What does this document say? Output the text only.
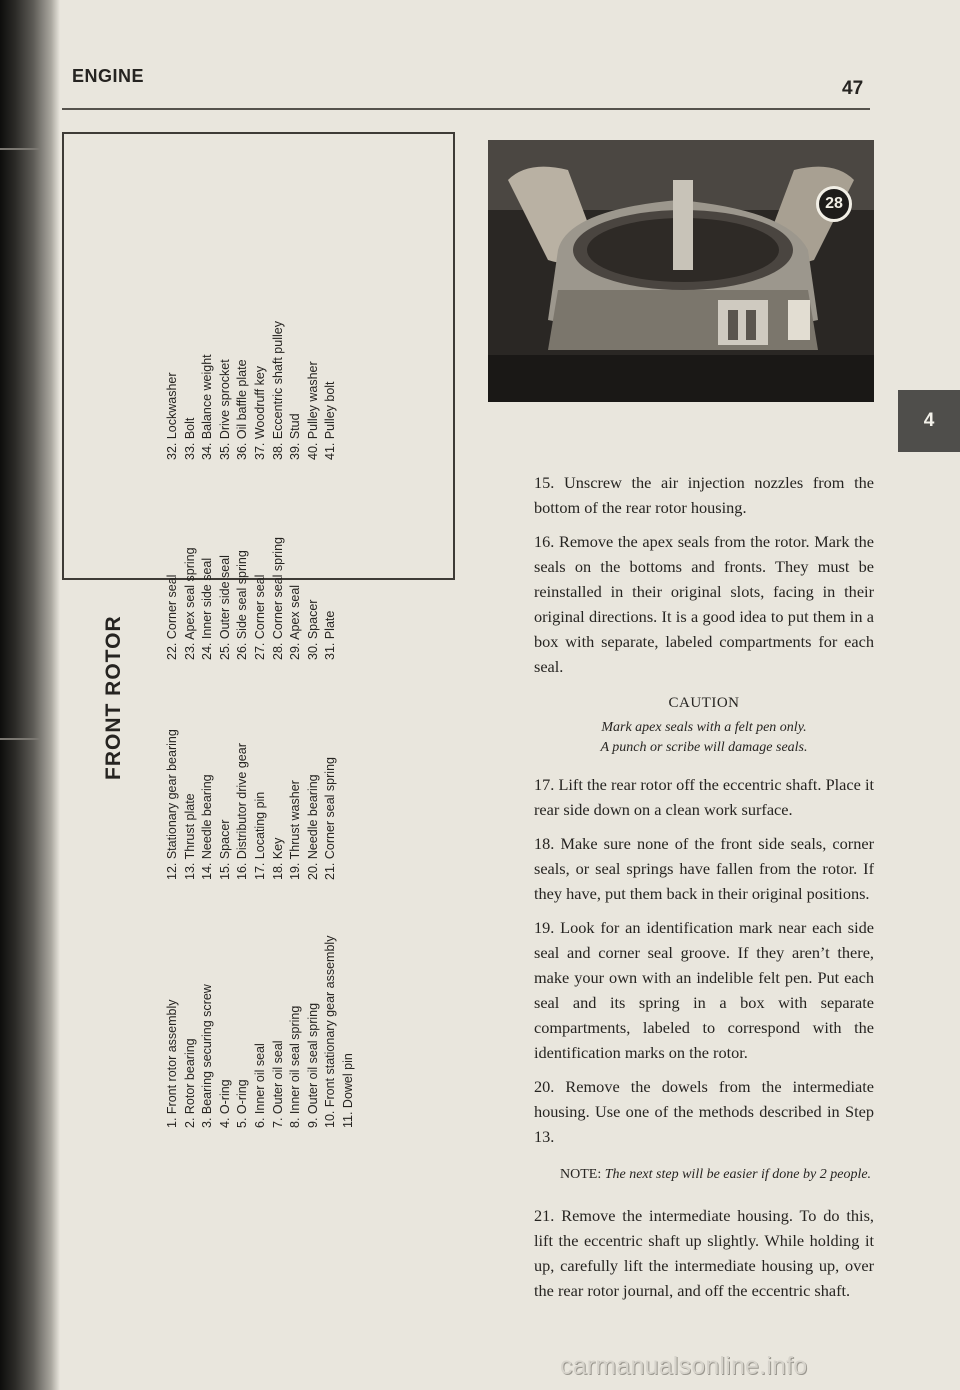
ENGINE
47
FRONT ROTOR
1. Front rotor assembly 2. Rotor bearing 3. Bearing securing screw 4. O-ring 5. O-ring 6. Inner oil seal 7. Outer oil seal 8. Inner oil seal spring 9. Outer oil seal spring 10. Front stationary gear assembly 11. Dowel pin
12. Stationary gear bearing 13. Thrust plate 14. Needle bearing 15. Spacer 16. Distributor drive gear 17. Locating pin 18. Key 19. Thrust washer 20. Needle bearing 21. Corner seal spring
22. Corner seal 23. Apex seal spring 24. Inner side seal 25. Outer side seal 26. Side seal spring 27. Corner seal 28. Corner seal spring 29. Apex seal 30. Spacer 31. Plate
32. Lockwasher 33. Bolt 34. Balance weight 35. Drive sprocket 36. Oil baffle plate 37. Woodruff key 38. Eccentric shaft pulley 39. Stud 40. Pulley washer 41. Pulley bolt
28
4

15. Unscrew the air injection nozzles from the bottom of the rear rotor housing.

16. Remove the apex seals from the rotor. Mark the seals on the bottoms and fronts. They must be reinstalled in their original slots, facing in their original directions. It is a good idea to put them in a box with separate, labeled compartments for each seal.

CAUTION

Mark apex seals with a felt pen only.

A punch or scribe will damage seals.

17. Lift the rear rotor off the eccentric shaft. Place it rear side down on a clean work surface.

18. Make sure none of the front side seals, corner seals, or seal springs have fallen from the rotor. If they have, put them back in their original positions.

19. Look for an identification mark near each side seal and corner seal groove. If they aren’t there, make your own with an indelible felt pen. Put each seal and its spring in a box with separate compartments, labeled to correspond with the identification marks on the rotor.

20. Remove the dowels from the intermediate housing. Use one of the methods described in Step 13.

NOTE: The next step will be easier if done by 2 people.

21. Remove the intermediate housing. To do this, lift the eccentric shaft up slightly. While holding it up, carefully lift the intermediate housing up, over the rear rotor journal, and off the eccentric shaft.

carmanualsonline.info
